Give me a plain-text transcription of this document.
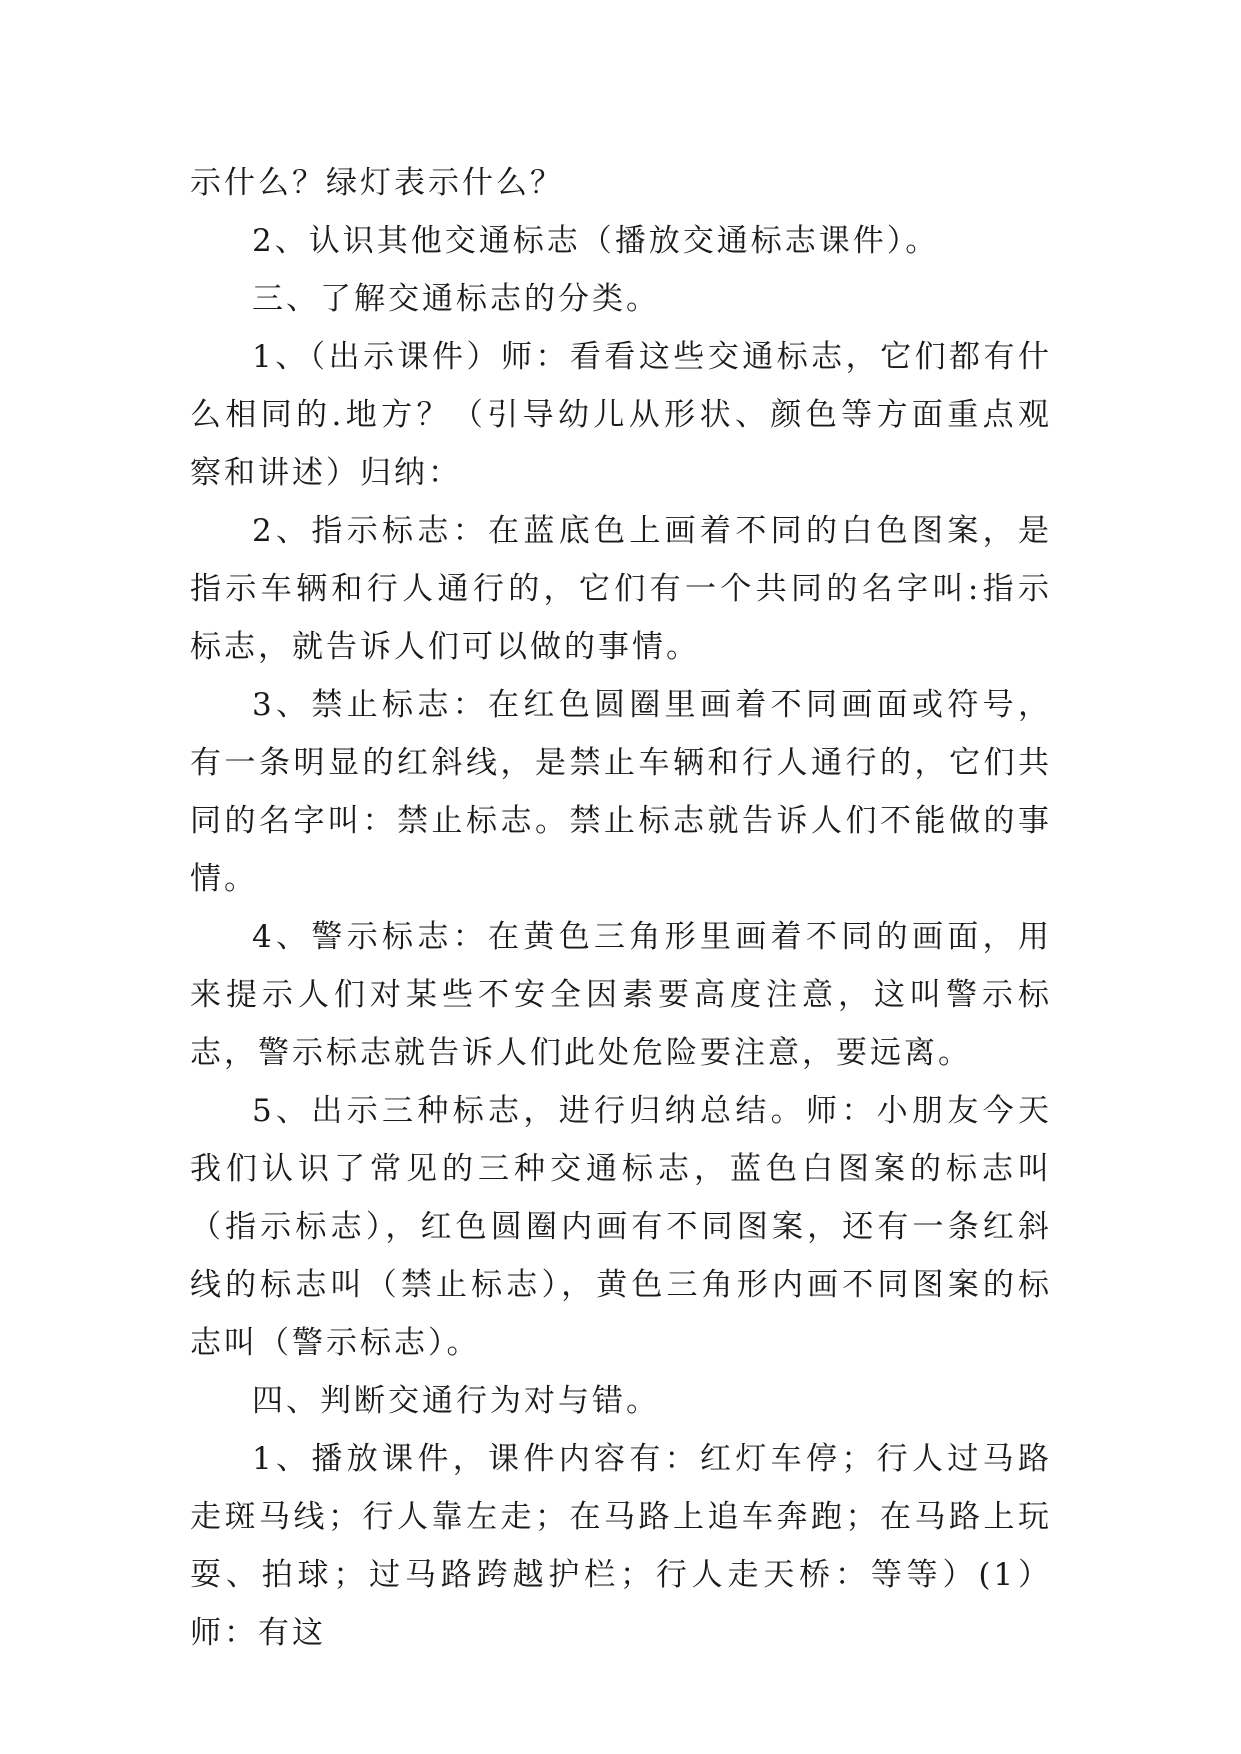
示什么？绿灯表示什么？

2、认识其他交通标志（播放交通标志课件）。

三、了解交通标志的分类。

1、（出示课件）师：看看这些交通标志，它们都有什么相同的.地方？（引导幼儿从形状、颜色等方面重点观察和讲述）归纳：

2、指示标志：在蓝底色上画着不同的白色图案，是指示车辆和行人通行的，它们有一个共同的名字叫:指示标志，就告诉人们可以做的事情。

3、禁止标志：在红色圆圈里画着不同画面或符号，有一条明显的红斜线，是禁止车辆和行人通行的，它们共同的名字叫：禁止标志。禁止标志就告诉人们不能做的事情。

4、警示标志：在黄色三角形里画着不同的画面，用来提示人们对某些不安全因素要高度注意，这叫警示标志，警示标志就告诉人们此处危险要注意，要远离。

5、出示三种标志，进行归纳总结。师：小朋友今天我们认识了常见的三种交通标志，蓝色白图案的标志叫（指示标志），红色圆圈内画有不同图案，还有一条红斜线的标志叫（禁止标志），黄色三角形内画不同图案的标志叫（警示标志）。

四、判断交通行为对与错。

1、播放课件，课件内容有：红灯车停；行人过马路走斑马线；行人靠左走；在马路上追车奔跑；在马路上玩耍、拍球；过马路跨越护栏；行人走天桥：等等）(1）师：有这
